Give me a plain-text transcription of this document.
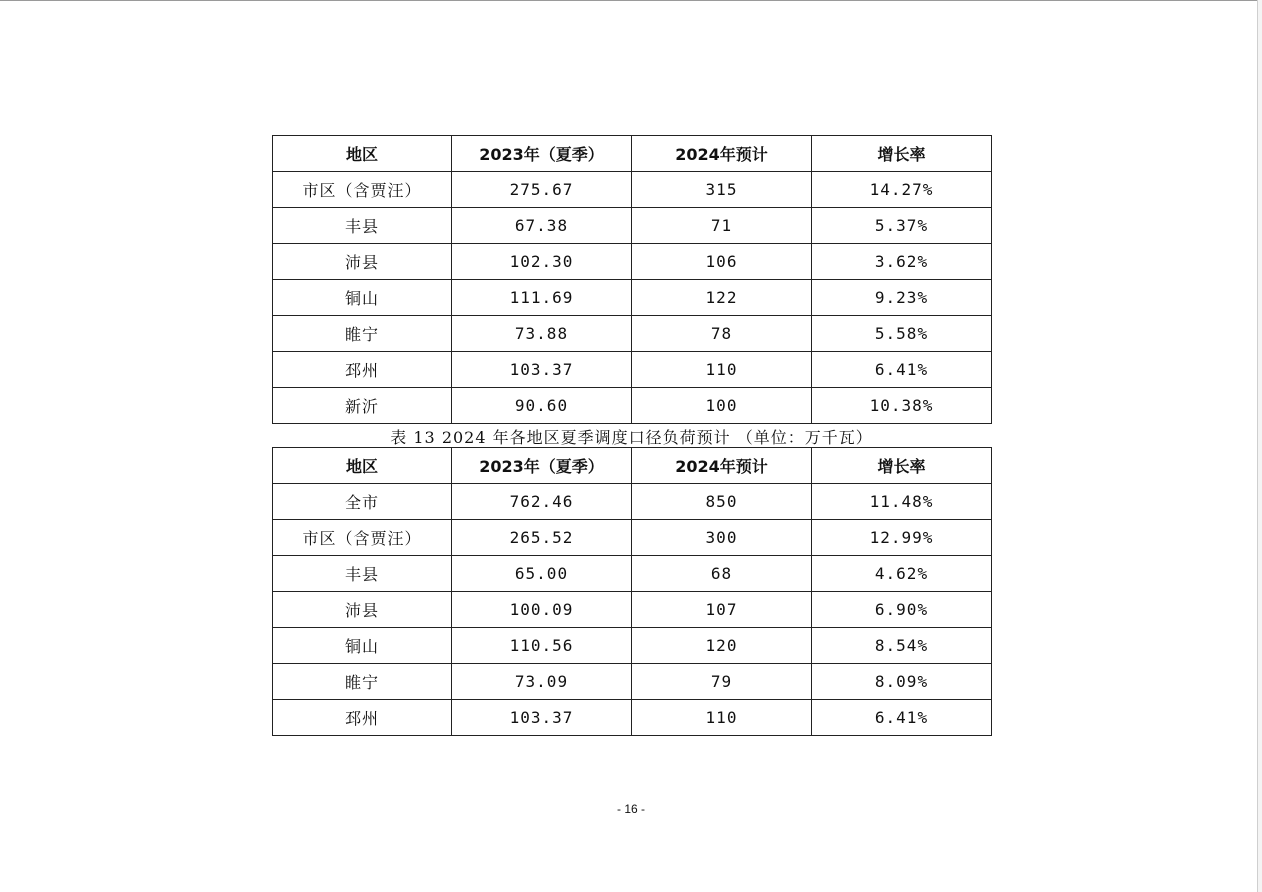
地区	2023年（夏季）	2024年预计	增长率
市区（含贾汪）	275.67	315	14.27%
丰县	67.38	71	5.37%
沛县	102.30	106	3.62%
铜山	111.69	122	9.23%
睢宁	73.88	78	5.58%
邳州	103.37	110	6.41%
新沂	90.60	100	10.38%
表 13 2024 年各地区夏季调度口径负荷预计 （单位：万千瓦）
地区	2023年（夏季）	2024年预计	增长率
全市	762.46	850	11.48%
市区（含贾汪）	265.52	300	12.99%
丰县	65.00	68	4.62%
沛县	100.09	107	6.90%
铜山	110.56	120	8.54%
睢宁	73.09	79	8.09%
邳州	103.37	110	6.41%
- 16 -
